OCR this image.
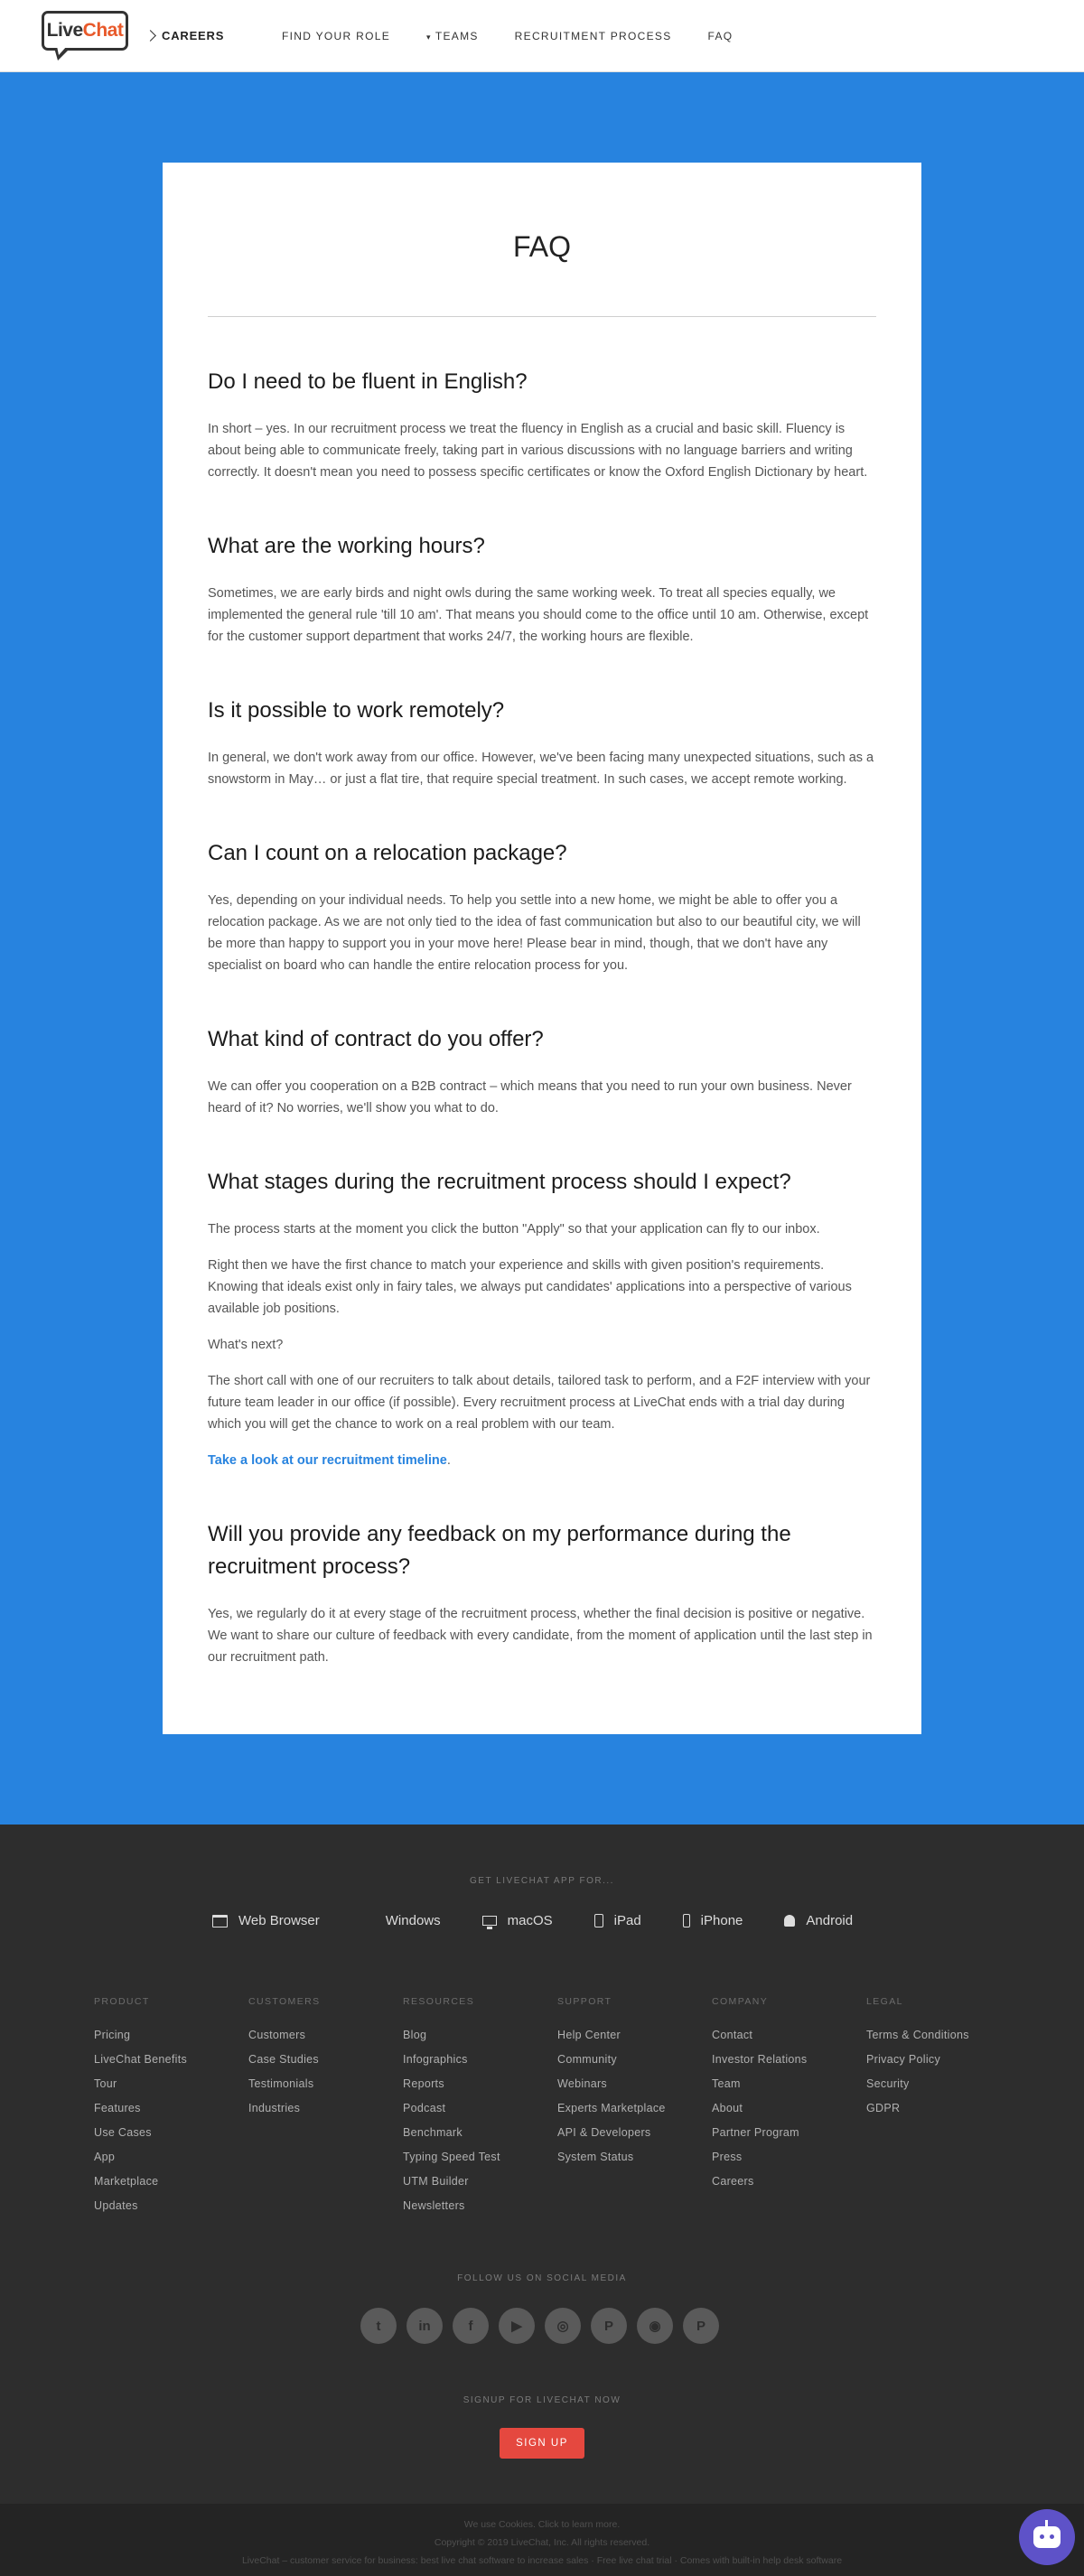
Live Chat	CAREERS	FIND YOUR ROLE	▾ TEAMS	RECRUITMENT PROCESS	FAQ
FAQ
Do I need to be fluent in English?

In short – yes. In our recruitment process we treat the fluency in English as a crucial and basic skill. Fluency is about being able to communicate freely, taking part in various discussions with no language barriers and writing correctly. It doesn't mean you need to possess specific certificates or know the Oxford English Dictionary by heart.

What are the working hours?

Sometimes, we are early birds and night owls during the same working week. To treat all species equally, we implemented the general rule 'till 10 am'. That means you should come to the office until 10 am. Otherwise, except for the customer support department that works 24/7, the working hours are flexible.

Is it possible to work remotely?

In general, we don't work away from our office. However, we've been facing many unexpected situations, such as a snowstorm in May… or just a flat tire, that require special treatment. In such cases, we accept remote working.

Can I count on a relocation package?

Yes, depending on your individual needs. To help you settle into a new home, we might be able to offer you a relocation package. As we are not only tied to the idea of fast communication but also to our beautiful city, we will be more than happy to support you in your move here! Please bear in mind, though, that we don't have any specialist on board who can handle the entire relocation process for you.

What kind of contract do you offer?

We can offer you cooperation on a B2B contract – which means that you need to run your own business. Never heard of it? No worries, we'll show you what to do.

What stages during the recruitment process should I expect?

The process starts at the moment you click the button "Apply" so that your application can fly to our inbox.

Right then we have the first chance to match your experience and skills with given position's requirements. Knowing that ideals exist only in fairy tales, we always put candidates' applications into a perspective of various available job positions.

What's next?

The short call with one of our recruiters to talk about details, tailored task to perform, and a F2F interview with your future team leader in our office (if possible). Every recruitment process at LiveChat ends with a trial day during which you will get the chance to work on a real problem with our team.

Take a look at our recruitment timeline.

Will you provide any feedback on my performance during the recruitment process?

Yes, we regularly do it at every stage of the recruitment process, whether the final decision is positive or negative. We want to share our culture of feedback with every candidate, from the moment of application until the last step in our recruitment path.

GET LIVECHAT APP FOR...
Web Browser	Windows	macOS	iPad	iPhone	Android
PRODUCT
Pricing
LiveChat Benefits
Tour
Features
Use Cases
App
Marketplace
Updates
CUSTOMERS
Customers
Case Studies
Testimonials
Industries
RESOURCES
Blog
Infographics
Reports
Podcast
Benchmark
Typing Speed Test
UTM Builder
Newsletters
SUPPORT
Help Center
Community
Webinars
Experts Marketplace
API & Developers
System Status
COMPANY
Contact
Investor Relations
Team
About
Partner Program
Press
Careers
LEGAL
Terms & Conditions
Privacy Policy
Security
GDPR
FOLLOW US ON SOCIAL MEDIA
t	in	f	▶	◎	P	◉	P
SIGNUP FOR LIVECHAT NOW
SIGN UP
We use Cookies. Click to learn more.
Copyright © 2019 LiveChat, Inc. All rights reserved.
LiveChat – customer service for business: best live chat software to increase sales · Free live chat trial · Comes with built-in help desk software
